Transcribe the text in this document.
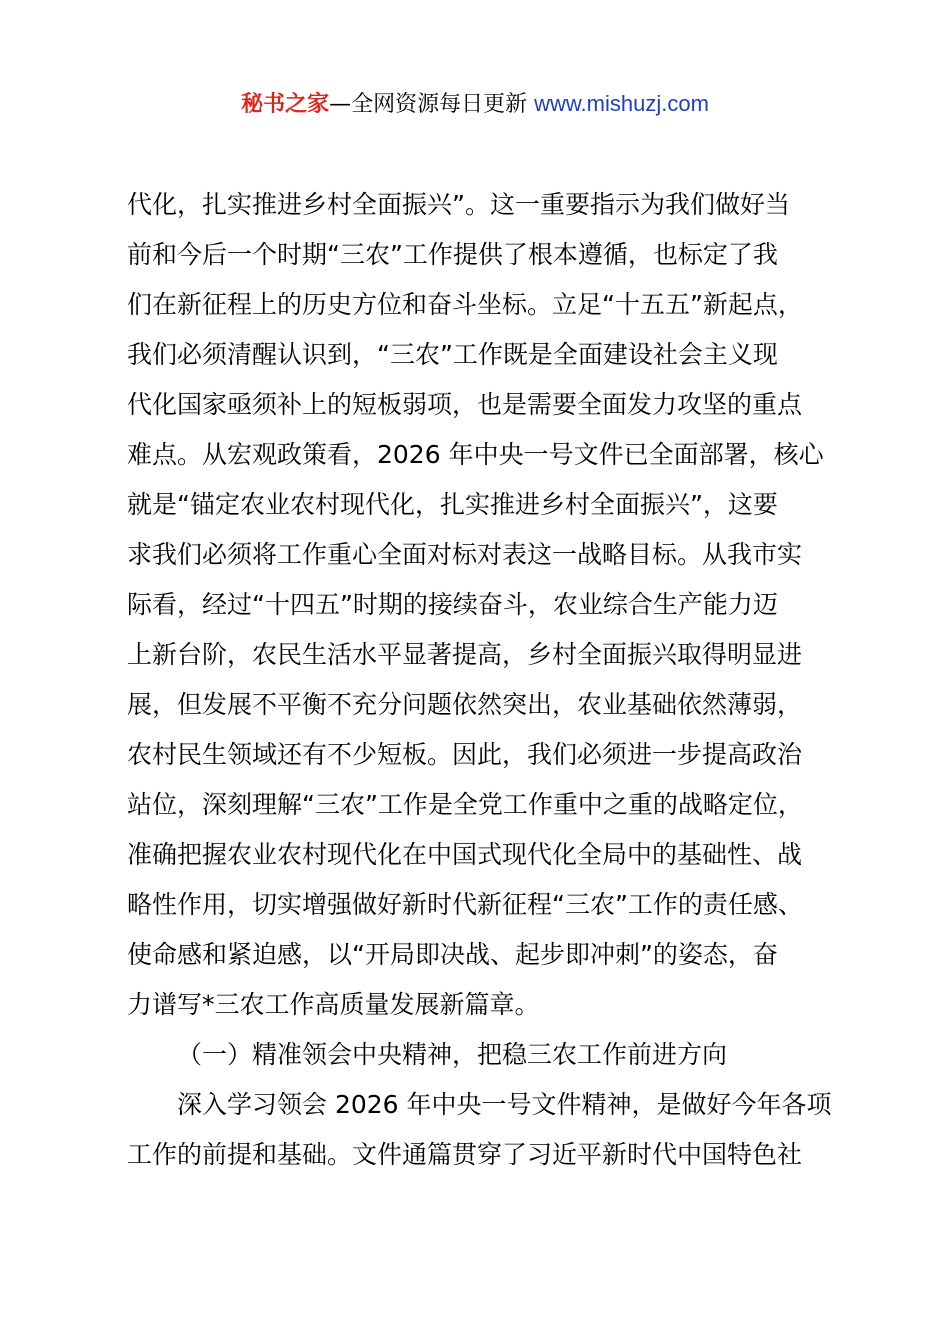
秘书之家—全网资源每日更新 www.mishuzj.com
代化，扎实推进乡村全面振兴”。这一重要指示为我们做好当
前和今后一个时期“三农”工作提供了根本遵循，也标定了我
们在新征程上的历史方位和奋斗坐标。立足“十五五”新起点，
我们必须清醒认识到，“三农”工作既是全面建设社会主义现
代化国家亟须补上的短板弱项，也是需要全面发力攻坚的重点
难点。从宏观政策看，2026 年中央一号文件已全面部署，核心
就是“锚定农业农村现代化，扎实推进乡村全面振兴”，这要
求我们必须将工作重心全面对标对表这一战略目标。从我市实
际看，经过“十四五”时期的接续奋斗，农业综合生产能力迈
上新台阶，农民生活水平显著提高，乡村全面振兴取得明显进
展，但发展不平衡不充分问题依然突出，农业基础依然薄弱，
农村民生领域还有不少短板。因此，我们必须进一步提高政治
站位，深刻理解“三农”工作是全党工作重中之重的战略定位，
准确把握农业农村现代化在中国式现代化全局中的基础性、战
略性作用，切实增强做好新时代新征程“三农”工作的责任感、
使命感和紧迫感，以“开局即决战、起步即冲刺”的姿态，奋
力谱写*三农工作高质量发展新篇章。
（一）精准领会中央精神，把稳三农工作前进方向
深入学习领会 2026 年中央一号文件精神，是做好今年各项
工作的前提和基础。文件通篇贯穿了习近平新时代中国特色社
